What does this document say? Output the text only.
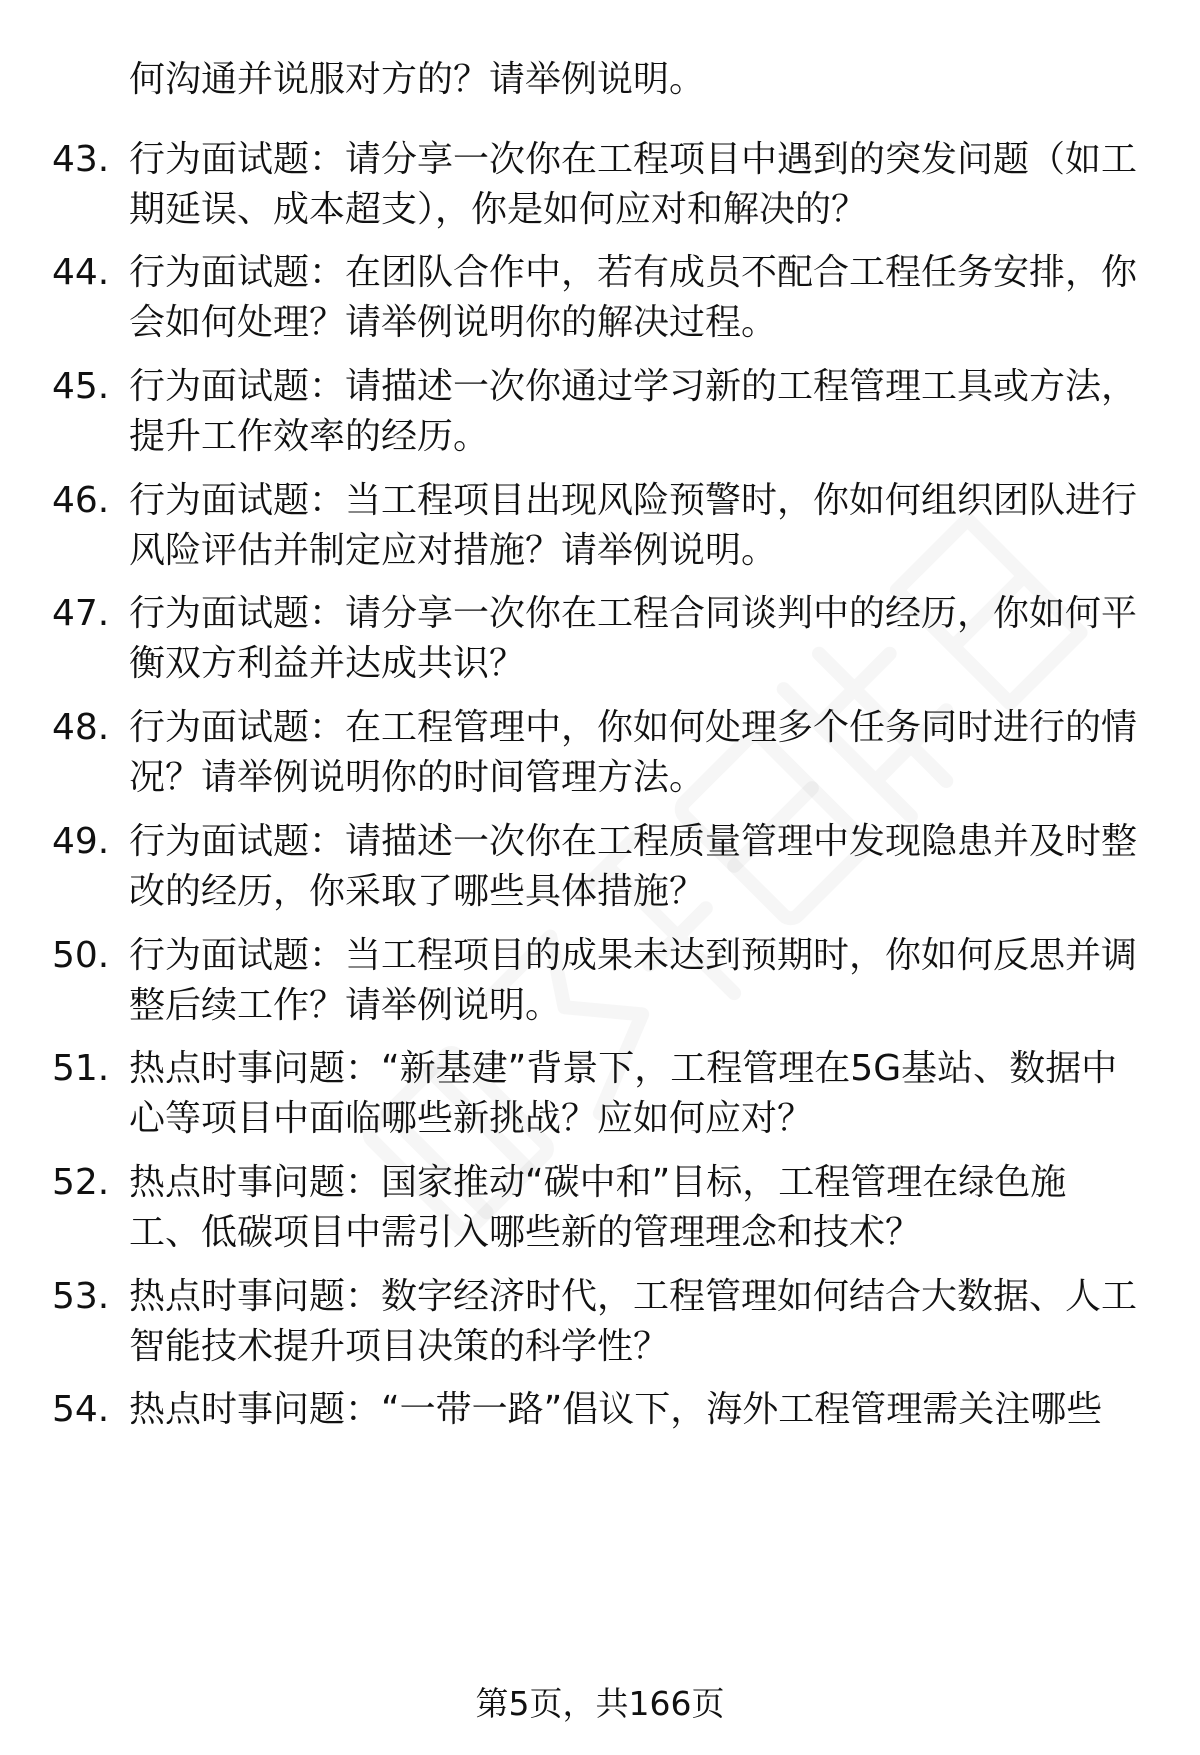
何沟通并说服对方的？请举例说明。
43. 行为面试题：请分享一次你在工程项目中遇到的突发问题（如工
期延误、成本超支），你是如何应对和解决的？
44. 行为面试题：在团队合作中，若有成员不配合工程任务安排，你
会如何处理？请举例说明你的解决过程。
45. 行为面试题：请描述一次你通过学习新的工程管理工具或方法，
提升工作效率的经历。
46. 行为面试题：当工程项目出现风险预警时，你如何组织团队进行
风险评估并制定应对措施？请举例说明。
47. 行为面试题：请分享一次你在工程合同谈判中的经历，你如何平
衡双方利益并达成共识？
48. 行为面试题：在工程管理中，你如何处理多个任务同时进行的情
况？请举例说明你的时间管理方法。
49. 行为面试题：请描述一次你在工程质量管理中发现隐患并及时整
改的经历，你采取了哪些具体措施？
50. 行为面试题：当工程项目的成果未达到预期时，你如何反思并调
整后续工作？请举例说明。
51. 热点时事问题：“新基建”背景下，工程管理在5G基站、数据中
心等项目中面临哪些新挑战？应如何应对？
52. 热点时事问题：国家推动“碳中和”目标，工程管理在绿色施
工、低碳项目中需引入哪些新的管理理念和技术？
53. 热点时事问题：数字经济时代，工程管理如何结合大数据、人工
智能技术提升项目决策的科学性？
54. 热点时事问题：“一带一路”倡议下，海外工程管理需关注哪些
第5页，共166页
